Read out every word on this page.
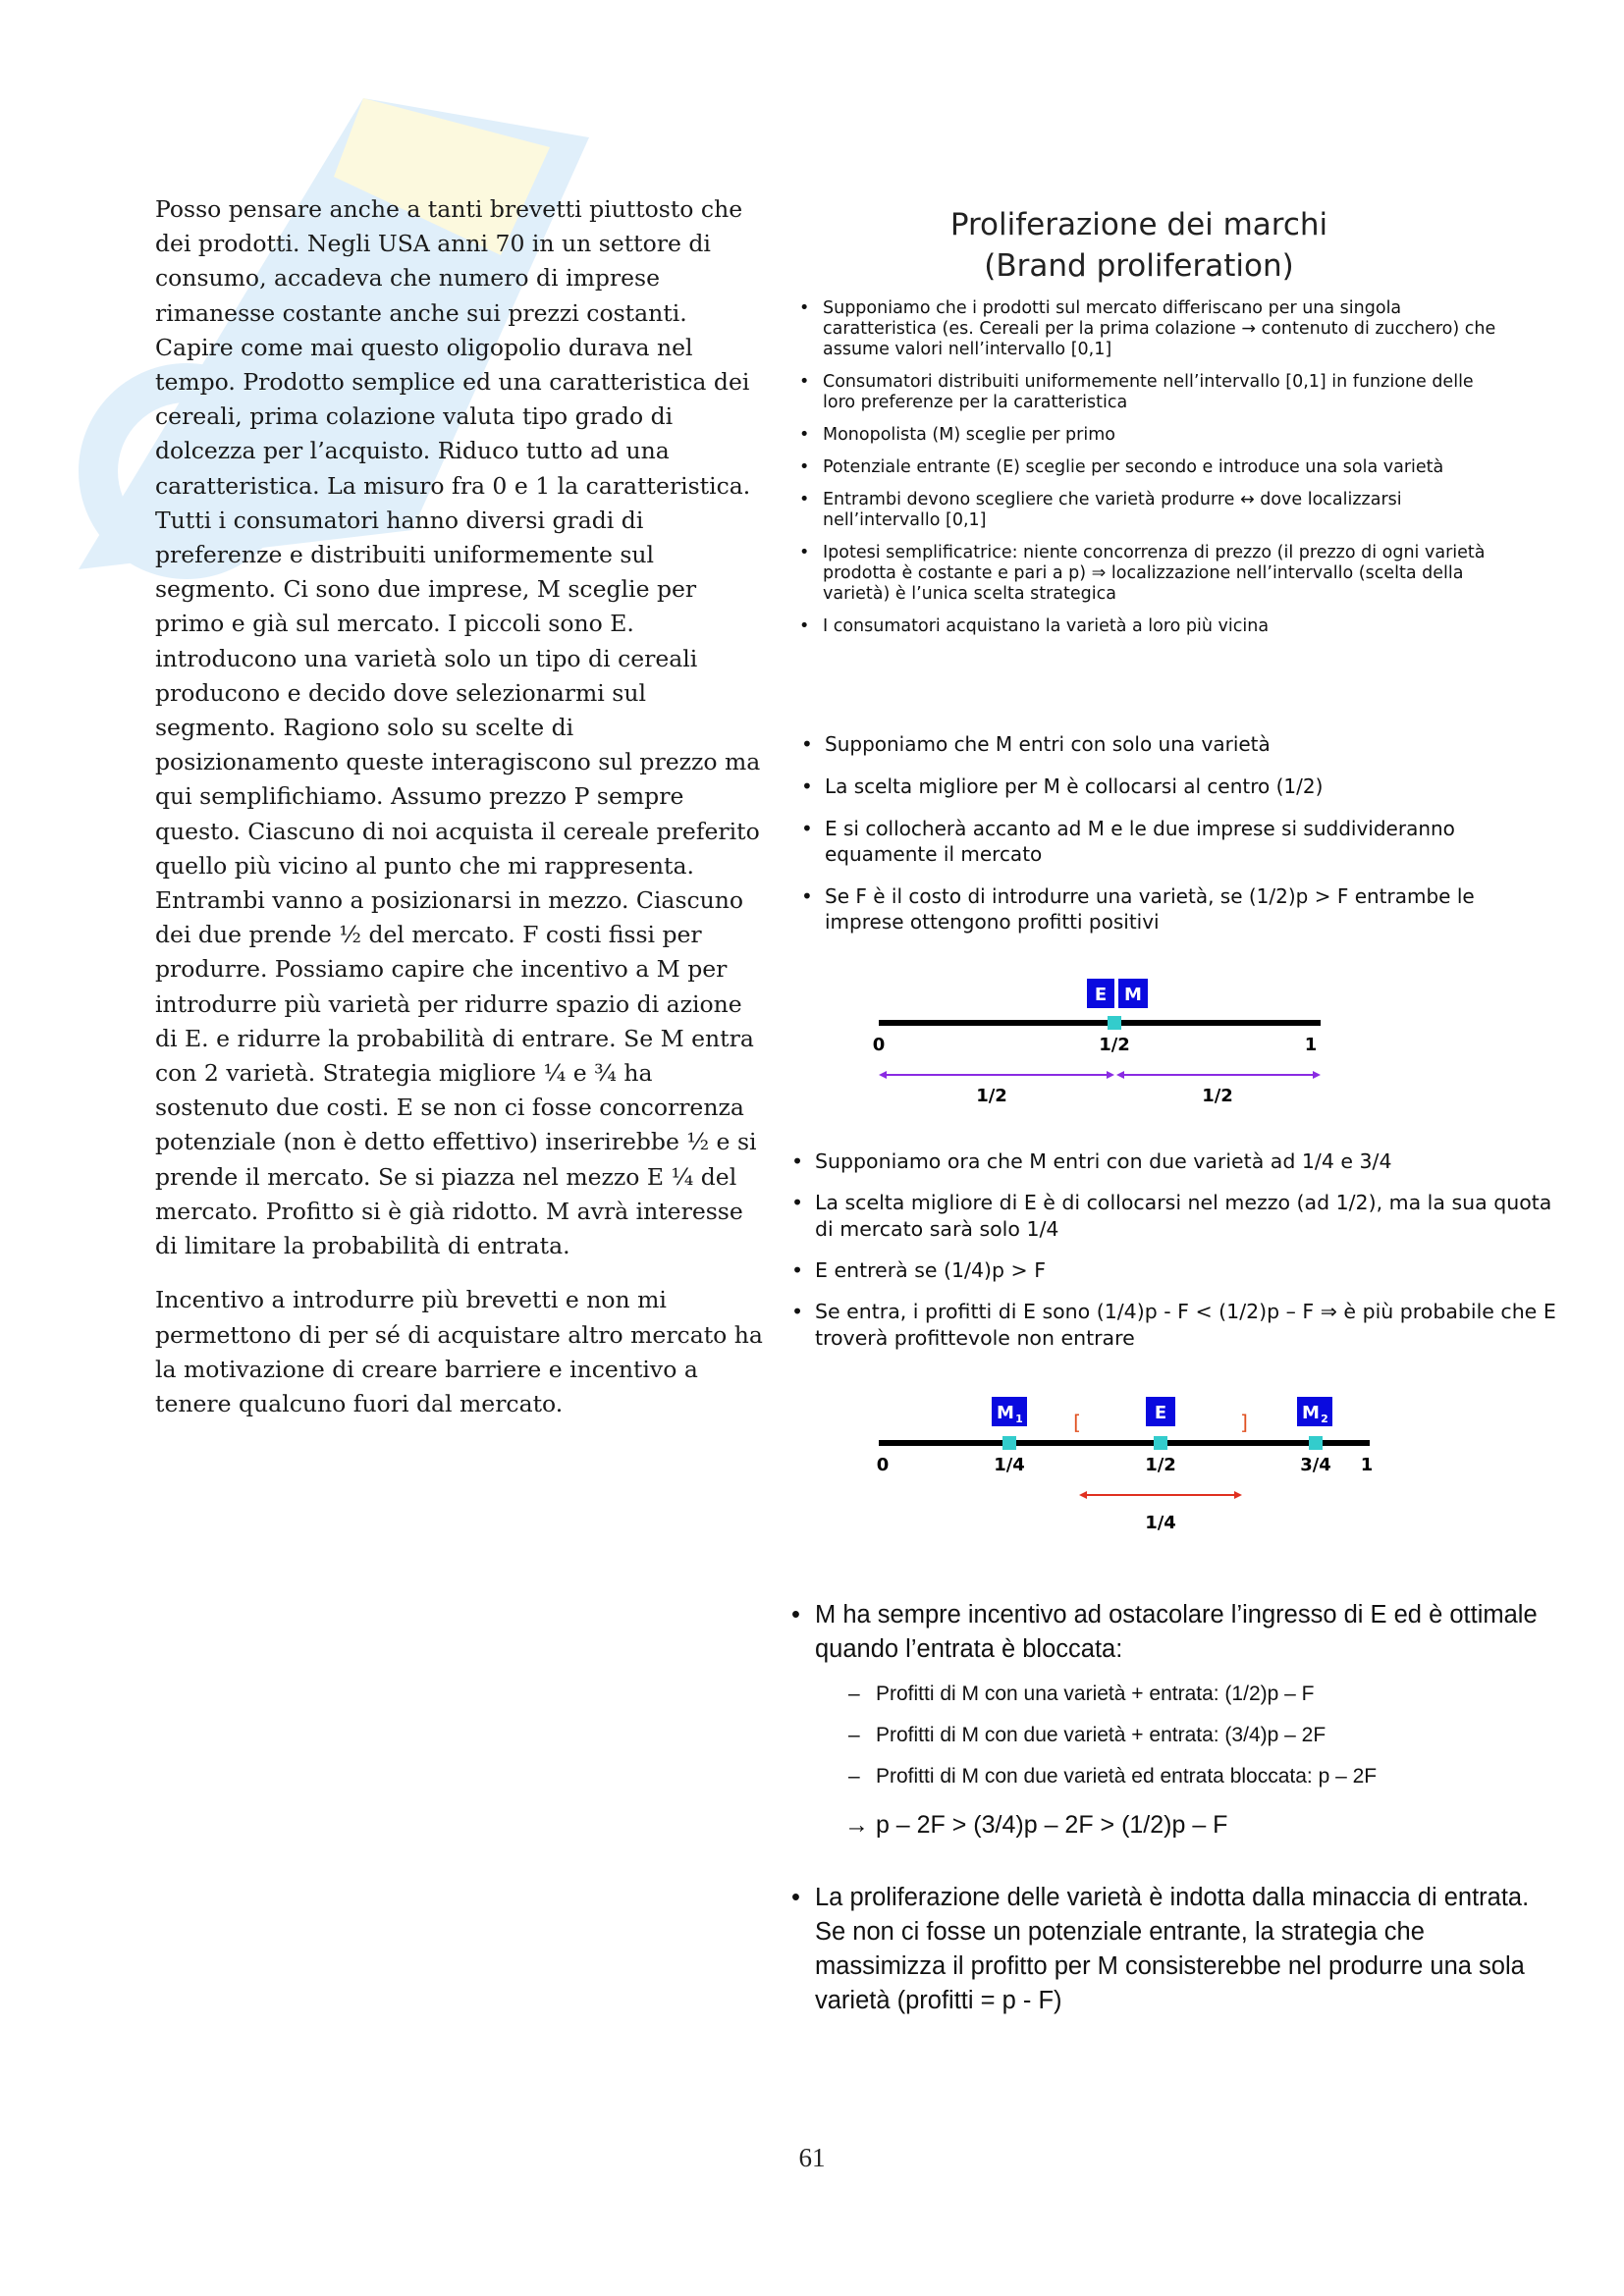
Posso pensare anche a tanti brevetti piuttosto che dei prodotti. Negli USA anni 70 in un settore di consumo, accadeva che numero di imprese rimanesse costante anche sui prezzi costanti. Capire come mai questo oligopolio durava nel tempo. Prodotto semplice ed una caratteristica dei cereali, prima colazione valuta tipo grado di dolcezza per l’acquisto. Riduco tutto ad una caratteristica. La misuro fra 0 e 1 la caratteristica. Tutti i consumatori hanno diversi gradi di preferenze e distribuiti uniformemente sul segmento. Ci sono due imprese, M sceglie per primo e già sul mercato. I piccoli sono E. introducono una varietà solo un tipo di cereali producono e decido dove selezionarmi sul segmento. Ragiono solo su scelte di posizionamento queste interagiscono sul prezzo ma qui semplifichiamo. Assumo prezzo P sempre questo. Ciascuno di noi acquista il cereale preferito quello più vicino al punto che mi rappresenta. Entrambi vanno a posizionarsi in mezzo. Ciascuno dei due prende ½ del mercato. F costi fissi per produrre. Possiamo capire che incentivo a M per introdurre più varietà per ridurre spazio di azione di E. e ridurre la probabilità di entrare. Se M entra con 2 varietà. Strategia migliore ¼ e ¾ ha sostenuto due costi. E se non ci fosse concorrenza potenziale (non è detto effettivo) inserirebbe ½ e si prende il mercato. Se si piazza nel mezzo E ¼ del mercato. Profitto si è già ridotto. M avrà interesse di limitare la probabilità di entrata.

Incentivo a introdurre più brevetti e non mi permettono di per sé di acquistare altro mercato ha la motivazione di creare barriere e incentivo a tenere qualcuno fuori dal mercato.

Proliferazione dei marchi
(Brand proliferation)
• Supponiamo che i prodotti sul mercato differiscano per una singola caratteristica (es. Cereali per la prima colazione → contenuto di zucchero) che assume valori nell’intervallo [0,1]
• Consumatori distribuiti uniformemente nell’intervallo [0,1] in funzione delle loro preferenze per la caratteristica
• Monopolista (M) sceglie per primo
• Potenziale entrante (E) sceglie per secondo e introduce una sola varietà
• Entrambi devono scegliere che varietà produrre ↔ dove localizzarsi nell’intervallo [0,1]
• Ipotesi semplificatrice: niente concorrenza di prezzo (il prezzo di ogni varietà prodotta è costante e pari a p) ⇒ localizzazione nell’intervallo (scelta della varietà) è l’unica scelta strategica
• I consumatori acquistano la varietà a loro più vicina
• Supponiamo che M entri con solo una varietà
• La scelta migliore per M è collocarsi al centro (1/2)
• E si collocherà accanto ad M e le due imprese si suddivideranno equamente il mercato
• Se F è il costo di introdurre una varietà, se (1/2)p > F entrambe le imprese ottengono profitti positivi
E M
0	1/2	1
1/2	1/2
• Supponiamo ora che M entri con due varietà ad 1/4 e 3/4
• La scelta migliore di E è di collocarsi nel mezzo (ad 1/2), ma la sua quota di mercato sarà solo 1/4
• E entrerà se (1/4)p > F
• Se entra, i profitti di E sono (1/4)p - F < (1/2)p – F ⇒ è più probabile che E troverà profittevole non entrare
M 1	E	M 2
[	]
0	1/4	1/2	3/4 1
1/4
• M ha sempre incentivo ad ostacolare l’ingresso di E ed è ottimale quando l’entrata è bloccata:
– Profitti di M con una varietà + entrata: (1/2)p – F
– Profitti di M con due varietà + entrata: (3/4)p – 2F
– Profitti di M con due varietà ed entrata bloccata: p – 2F
→ p – 2F > (3/4)p – 2F > (1/2)p – F
• La proliferazione delle varietà è indotta dalla minaccia di entrata. Se non ci fosse un potenziale entrante, la strategia che massimizza il profitto per M consisterebbe nel produrre una sola varietà (profitti = p - F)
61
